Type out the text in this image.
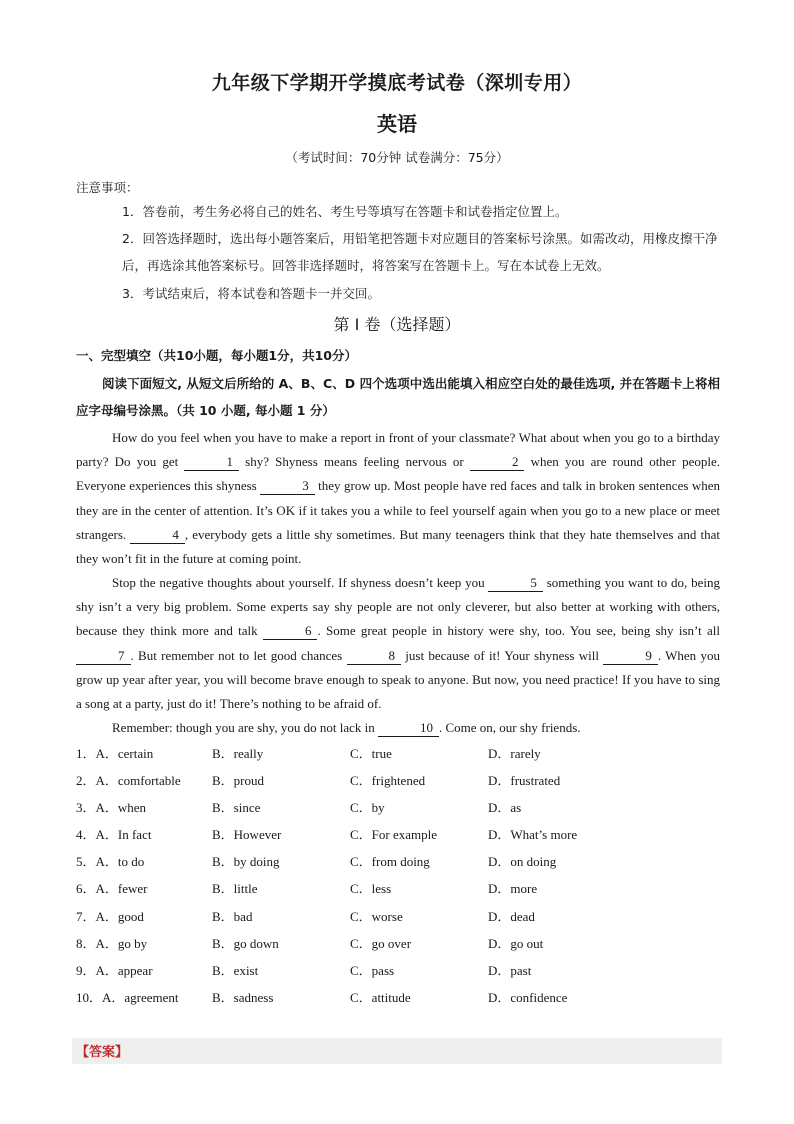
九年级下学期开学摸底考试卷（深圳专用）
英语
（考试时间：70分钟 试卷满分：75分）
注意事项：
1．答卷前，考生务必将自己的姓名、考生号等填写在答题卡和试卷指定位置上。
2．回答选择题时，选出每小题答案后，用铅笔把答题卡对应题目的答案标号涂黑。如需改动，用橡皮擦干净后，再选涂其他答案标号。回答非选择题时，将答案写在答题卡上。写在本试卷上无效。
3．考试结束后，将本试卷和答题卡一并交回。
第 I 卷（选择题）
一、完型填空（共10小题，每小题1分，共10分）
阅读下面短文, 从短文后所给的 A、B、C、D 四个选项中选出能填入相应空白处的最佳选项, 并在答题卡上将相应字母编号涂黑。（共 10 小题, 每小题 1 分）
How do you feel when you have to make a report in front of your classmate? What about when you go to a birthday party? Do you get	1 shy? Shyness means feeling nervous or	2 when you are round other people. Everyone experiences this shyness	3 they grow up. Most people have red faces and talk in broken sentences when they are in the center of attention. It’s OK if it takes you a while to feel yourself again when you go to a new place or meet strangers.	4 , everybody gets a little shy sometimes. But many teenagers think that they hate themselves and that they won’t fit in the future at coming point.
Stop the negative thoughts about yourself. If shyness doesn’t keep you	5 something you want to do, being shy isn’t a very big problem. Some experts say shy people are not only cleverer, but also better at working with others, because they think more and talk	6 . Some great people in history were shy, too. You see, being shy isn’t all 7 . But remember not to let good chances	8 just because of it! Your shyness will	9 . When you grow up year after year, you will become brave enough to speak to anyone. But now, you need practice! If you have to sing a song at a party, just do it! There’s nothing to be afraid of.
Remember: though you are shy, you do not lack in	10 . Come on, our shy friends.
1．A．certain	B．really	C．true	D．rarely
2．A．comfortable B．proud	C．frightened	D．frustrated
3．A．when	B．since	C．by	D．as
4．A．In fact	B．However	C．For example	D．What’s more
5．A．to do	B．by doing	C．from doing	D．on doing
6．A．fewer	B．little	C．less	D．more
7．A．good	B．bad	C．worse	D．dead
8．A．go by	B．go down	C．go over	D．go out
9．A．appear	B．exist	C．pass	D．past
10．A．agreement	B．sadness	C．attitude	D．confidence
【答案】
